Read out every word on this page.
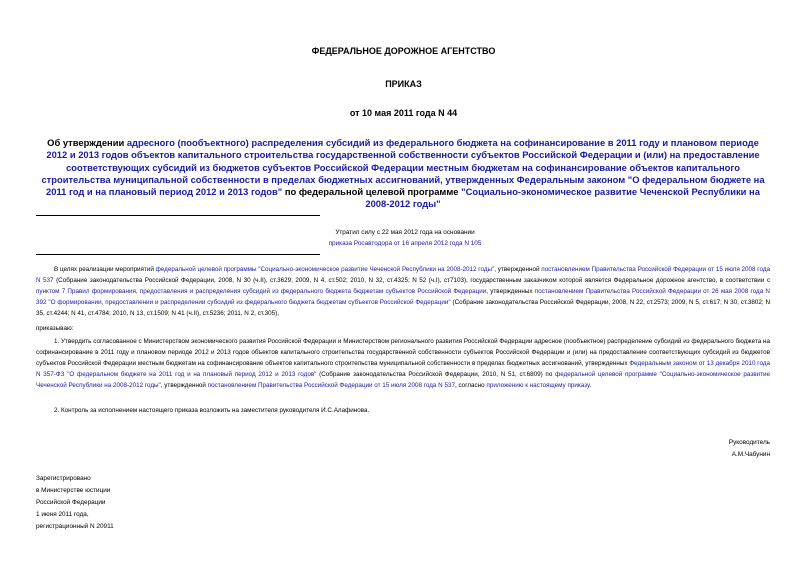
ФЕДЕРАЛЬНОЕ ДОРОЖНОЕ АГЕНТСТВО
ПРИКАЗ
от 10 мая 2011 года N 44
Об утверждении адресного (пообъектного) распределения субсидий из федерального бюджета на софинансирование в 2011 году и плановом периоде 2012 и 2013 годов объектов капитального строительства государственной собственности субъектов Российской Федерации и (или) на предоставление соответствующих субсидий из бюджетов субъектов Российской Федерации местным бюджетам на софинансирование объектов капитального строительства муниципальной собственности в пределах бюджетных ассигнований, утвержденных Федеральным законом "О федеральном бюджете на 2011 год и на плановый период 2012 и 2013 годов" по федеральной целевой программе "Социально-экономическое развитие Чеченской Республики на 2008-2012 годы"
Утратил силу с 22 мая 2012 года на основании
приказа Росавтодора от 16 апреля 2012 года N 105
В целях реализации мероприятий федеральной целевой программы "Социально-экономическое развитие Чеченской Республики на 2008-2012 годы", утвержденной постановлением Правительства Российской Федерации от 15 июля 2008 года N 537 (Собрание законодательства Российской Федерации, 2008, N 30 (ч.II), ст.3629; 2009, N 4, ст.502; 2010, N 32, ст.4325; N 52 (ч.I), ст7103), государственным заказчиком которой является Федеральное дорожное агентство, в соответствии с пунктом 7 Правил формирования, предоставления и распределения субсидий из федерального бюджета бюджетам субъектов Российской Федерации, утвержденных постановлением Правительства Российской Федерации от 26 мая 2008 года N 392 "О формировании, предоставлении и распределении субсидий из федерального бюджета бюджетам субъектов Российской Федерации" (Собрание законодательства Российской Федерации, 2008, N 22, ст.2573; 2009, N 5, ст.617; N 30, ст.3802; N 35, ст.4244; N 41, ст.4784; 2010, N 13, ст.1509; N 41 (ч.II), ст.5236; 2011, N 2, ст.305),
приказываю:
1. Утвердить согласованное с Министерством экономического развития Российской Федерации и Министерством регионального развития Российской Федерации адресное (пообъектное) распределение субсидий из федерального бюджета на софинансирование в 2011 году и плановом периоде 2012 и 2013 годов объектов капитального строительства государственной собственности субъектов Российской Федерации и (или) на предоставление соответствующих субсидий из бюджетов субъектов Российской Федерации местным бюджетам на софинансирование объектов капитального строительства муниципальной собственности в пределах бюджетных ассигнований, утвержденных Федеральным законом от 13 декабря 2010 года N 357-ФЗ "О федеральном бюджете на 2011 год и на плановый период 2012 и 2013 годов" (Собрание законодательства Российской Федерации, 2010, N 51, ст.6809) по федеральной целевой программе "Социально-экономическое развитие Чеченской Республики на 2008-2012 годы", утвержденной постановлением Правительства Российской Федерации от 15 июля 2008 года N 537, согласно приложению к настоящему приказу.
2. Контроль за исполнением настоящего приказа возложить на заместителя руководителя И.С.Алафинова.
Руководитель
А.М.Чабунин
Зарегистрировано
в Министерстве юстиции
Российской Федерации
1 июня 2011 года,
регистрационный N 20911
